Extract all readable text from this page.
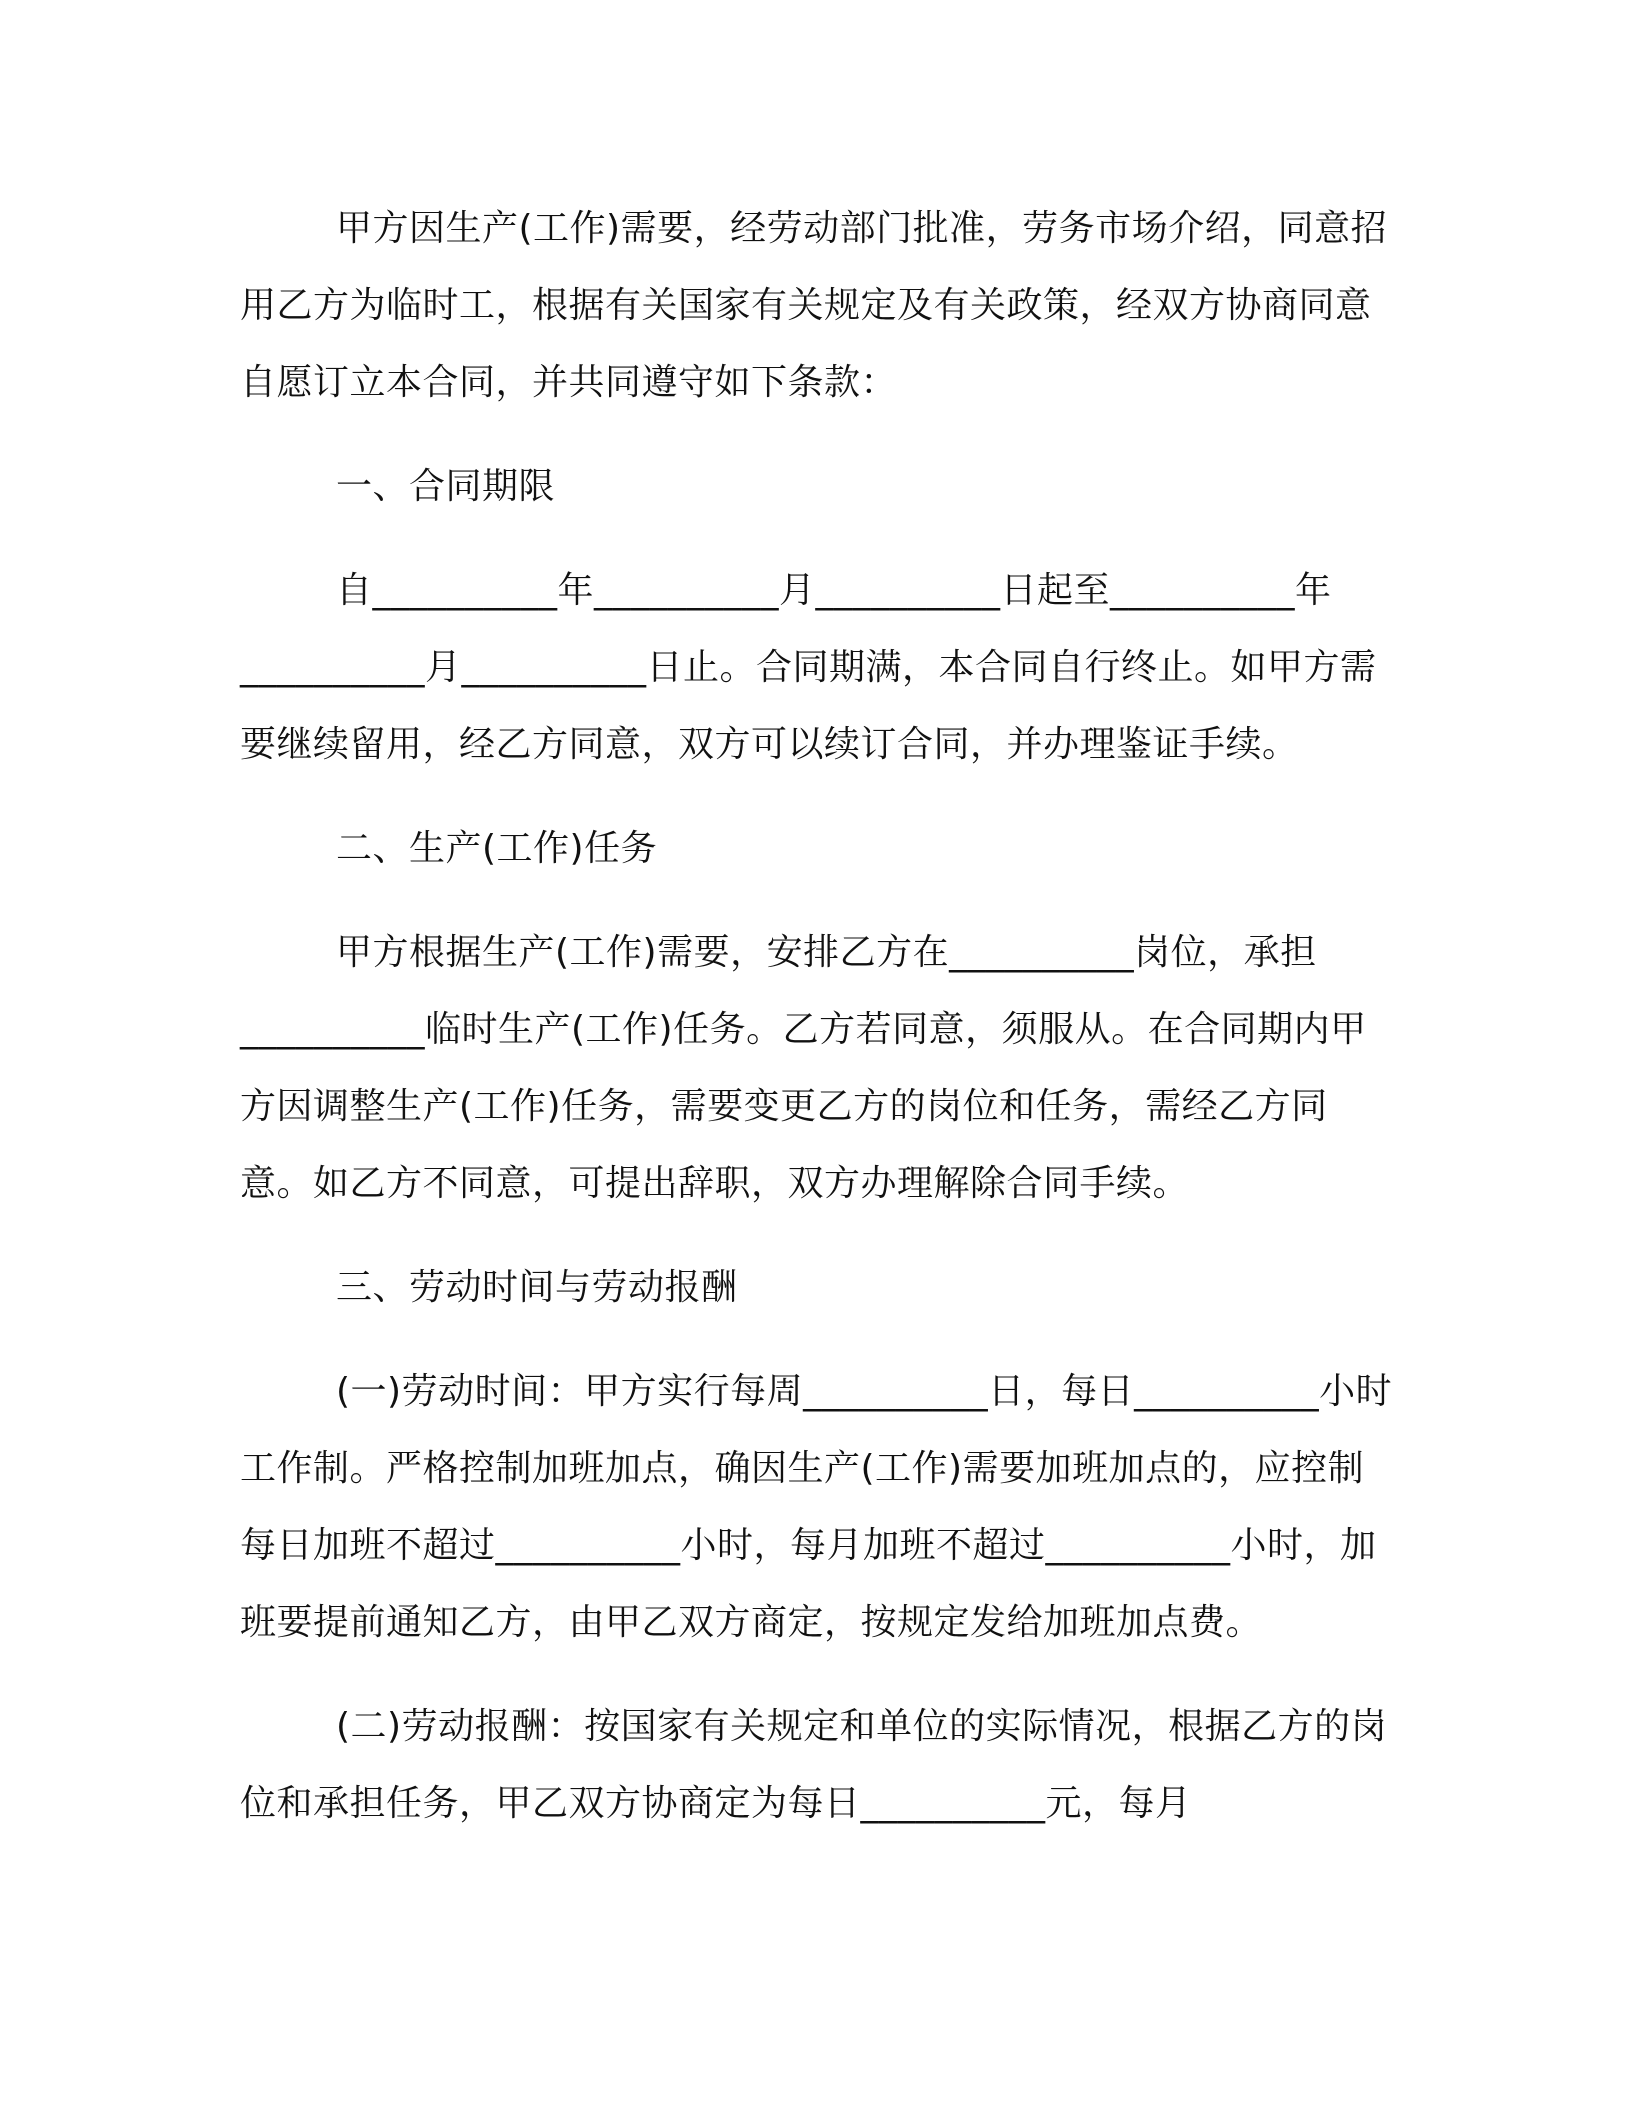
甲方因生产(工作)需要，经劳动部门批准，劳务市场介绍，同意招用乙方为临时工，根据有关国家有关规定及有关政策，经双方协商同意自愿订立本合同，并共同遵守如下条款：

一、合同期限

自__________年__________月__________日起至__________年__________月__________日止。合同期满，本合同自行终止。如甲方需要继续留用，经乙方同意，双方可以续订合同，并办理鉴证手续。

二、生产(工作)任务

甲方根据生产(工作)需要，安排乙方在__________岗位，承担__________临时生产(工作)任务。乙方若同意，须服从。在合同期内甲方因调整生产(工作)任务，需要变更乙方的岗位和任务，需经乙方同意。如乙方不同意，可提出辞职，双方办理解除合同手续。

三、劳动时间与劳动报酬

(一)劳动时间：甲方实行每周__________日，每日__________小时工作制。严格控制加班加点，确因生产(工作)需要加班加点的，应控制每日加班不超过__________小时，每月加班不超过__________小时，加班要提前通知乙方，由甲乙双方商定，按规定发给加班加点费。

(二)劳动报酬：按国家有关规定和单位的实际情况，根据乙方的岗位和承担任务，甲乙双方协商定为每日__________元，每月
